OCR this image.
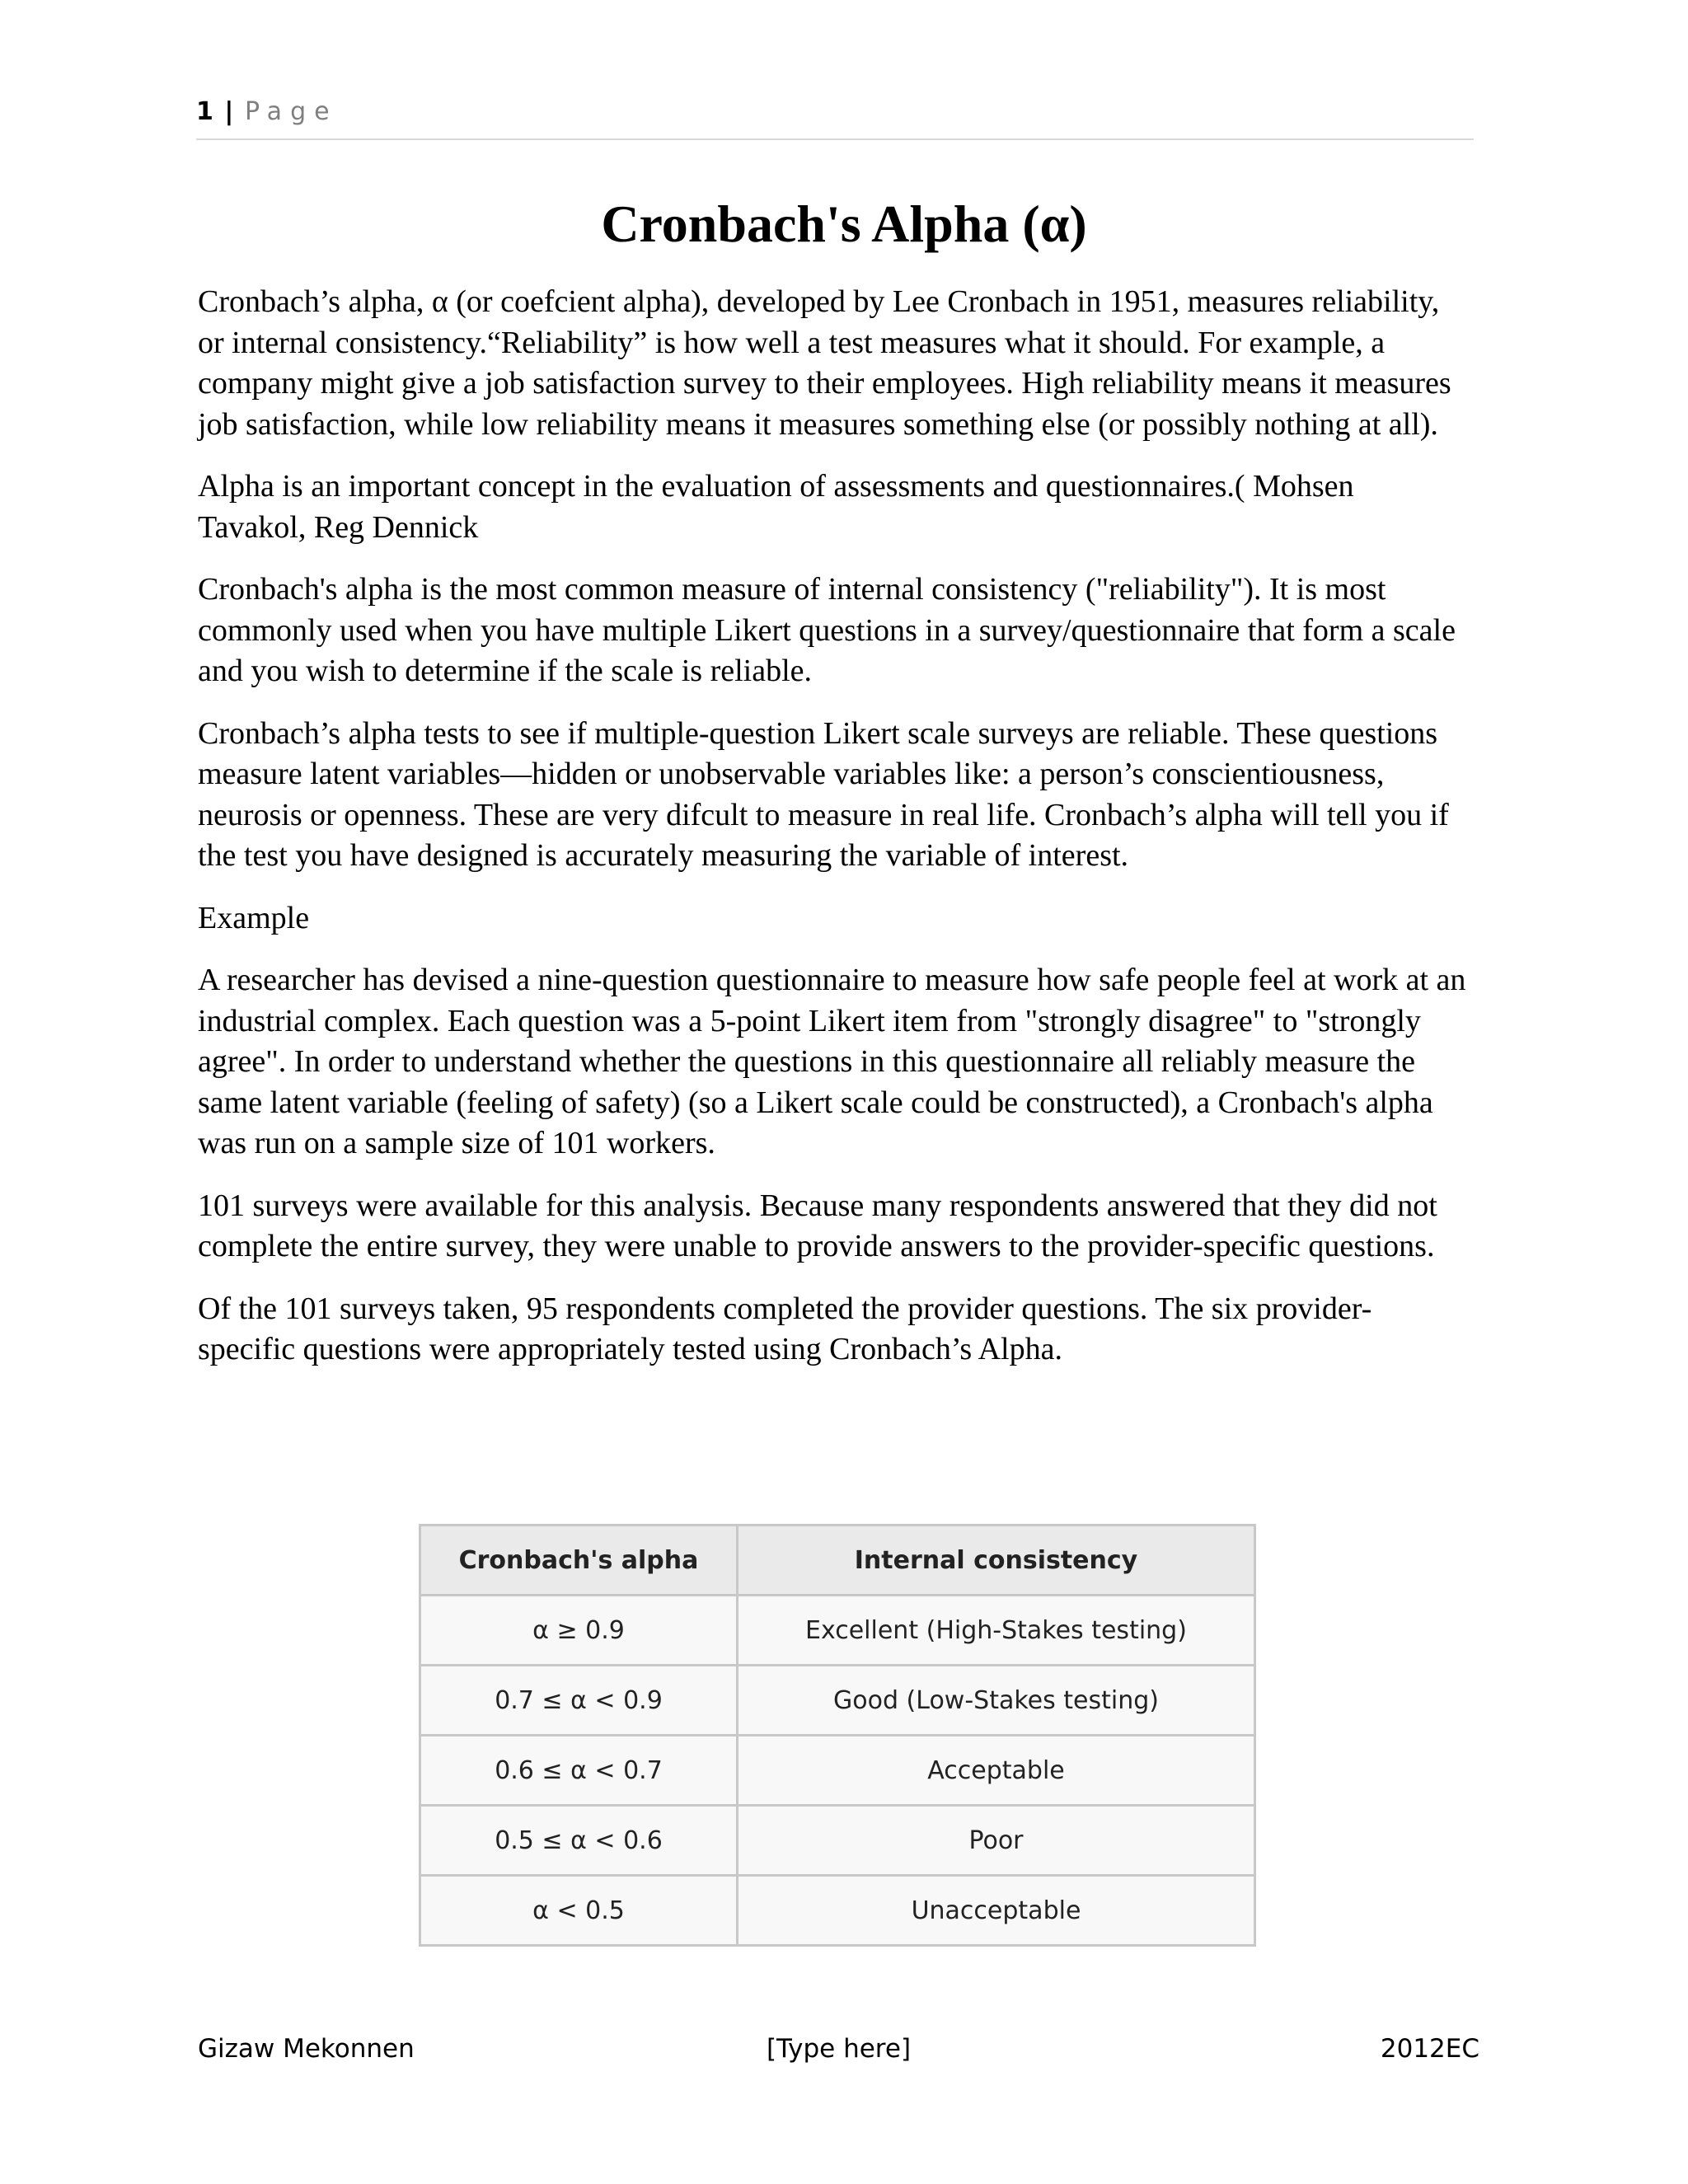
1 | Page
Cronbach's Alpha (α)

Cronbach’s alpha, α (or coefcient alpha), developed by Lee Cronbach in 1951, measures reliability, or internal consistency.“Reliability” is how well a test measures what it should. For example, a company might give a job satisfaction survey to their employees. High reliability means it measures job satisfaction, while low reliability means it measures something else (or possibly nothing at all).

Alpha is an important concept in the evaluation of assessments and questionnaires.( Mohsen Tavakol, Reg Dennick

Cronbach's alpha is the most common measure of internal consistency ("reliability"). It is most commonly used when you have multiple Likert questions in a survey/questionnaire that form a scale and you wish to determine if the scale is reliable.

Cronbach’s alpha tests to see if multiple-question Likert scale surveys are reliable. These questions measure latent variables—hidden or unobservable variables like: a person’s conscientiousness, neurosis or openness. These are very difcult to measure in real life. Cronbach’s alpha will tell you if the test you have designed is accurately measuring the variable of interest.

Example

A researcher has devised a nine-question questionnaire to measure how safe people feel at work at an industrial complex. Each question was a 5-point Likert item from "strongly disagree" to "strongly agree". In order to understand whether the questions in this questionnaire all reliably measure the same latent variable (feeling of safety) (so a Likert scale could be constructed), a Cronbach's alpha was run on a sample size of 101 workers.

101 surveys were available for this analysis. Because many respondents answered that they did not complete the entire survey, they were unable to provide answers to the provider-specific questions.

Of the 101 surveys taken, 95 respondents completed the provider questions. The six provider-specific questions were appropriately tested using Cronbach’s Alpha.

Cronbach's alpha	Internal consistency
α ≥ 0.9	Excellent (High-Stakes testing)
0.7 ≤ α < 0.9	Good (Low-Stakes testing)
0.6 ≤ α < 0.7	Acceptable
0.5 ≤ α < 0.6	Poor
α < 0.5	Unacceptable
Gizaw Mekonnen	[Type here]	2012EC
